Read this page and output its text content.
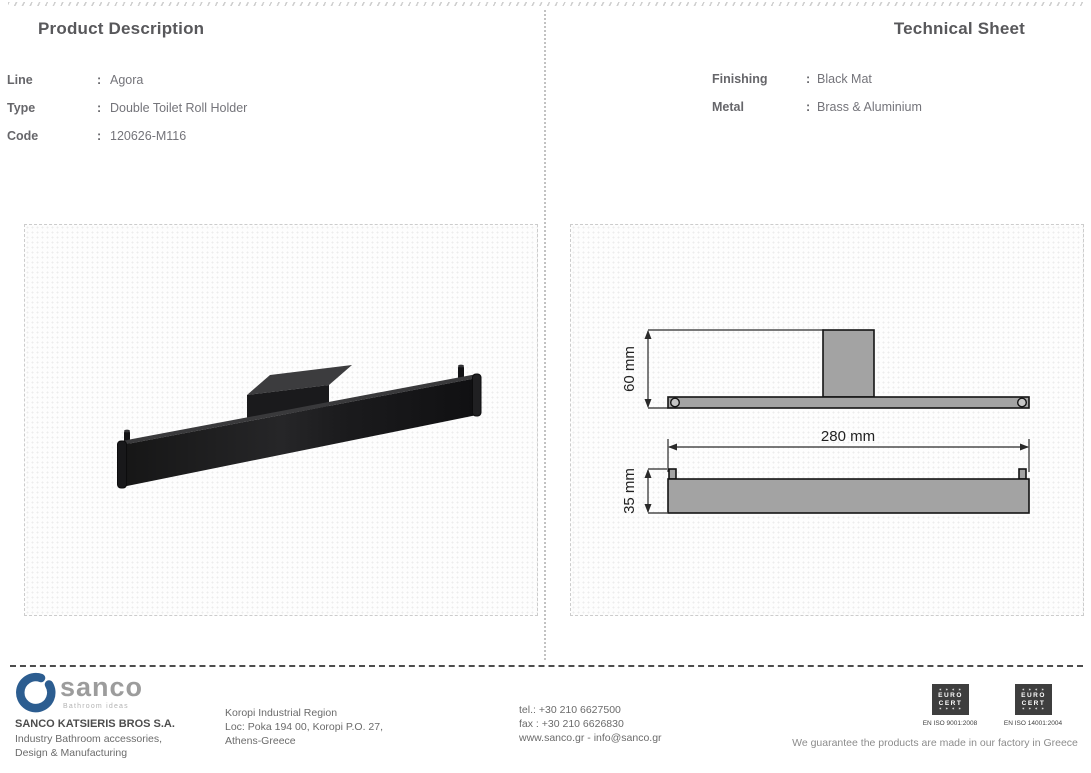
Product Description
Line	: Agora
Type	: Double Toilet Roll Holder
Code	: 120626-M116
Technical Sheet
Finishing	: Black Mat
Metal	: Brass & Aluminium
60 mm
280 mm
35 mm
sanco
Bathroom ideas
SANCO KATSIERIS BROS S.A.
Industry Bathroom accessories,
Design & Manufacturing
Koropi Industrial Region
Loc: Poka 194 00, Koropi P.O. 27,
Athens-Greece
tel.: +30 210 6627500
fax : +30 210 6626830
www.sanco.gr - info@sanco.gr
✶ ✶ ✶ ✶
EURO
CERT
✶ ✶ ✶ ✶
EN ISO 9001:2008
✶ ✶ ✶ ✶
EURO
CERT
✶ ✶ ✶ ✶
EN ISO 14001:2004
We guarantee the products are made in our factory in Greece
